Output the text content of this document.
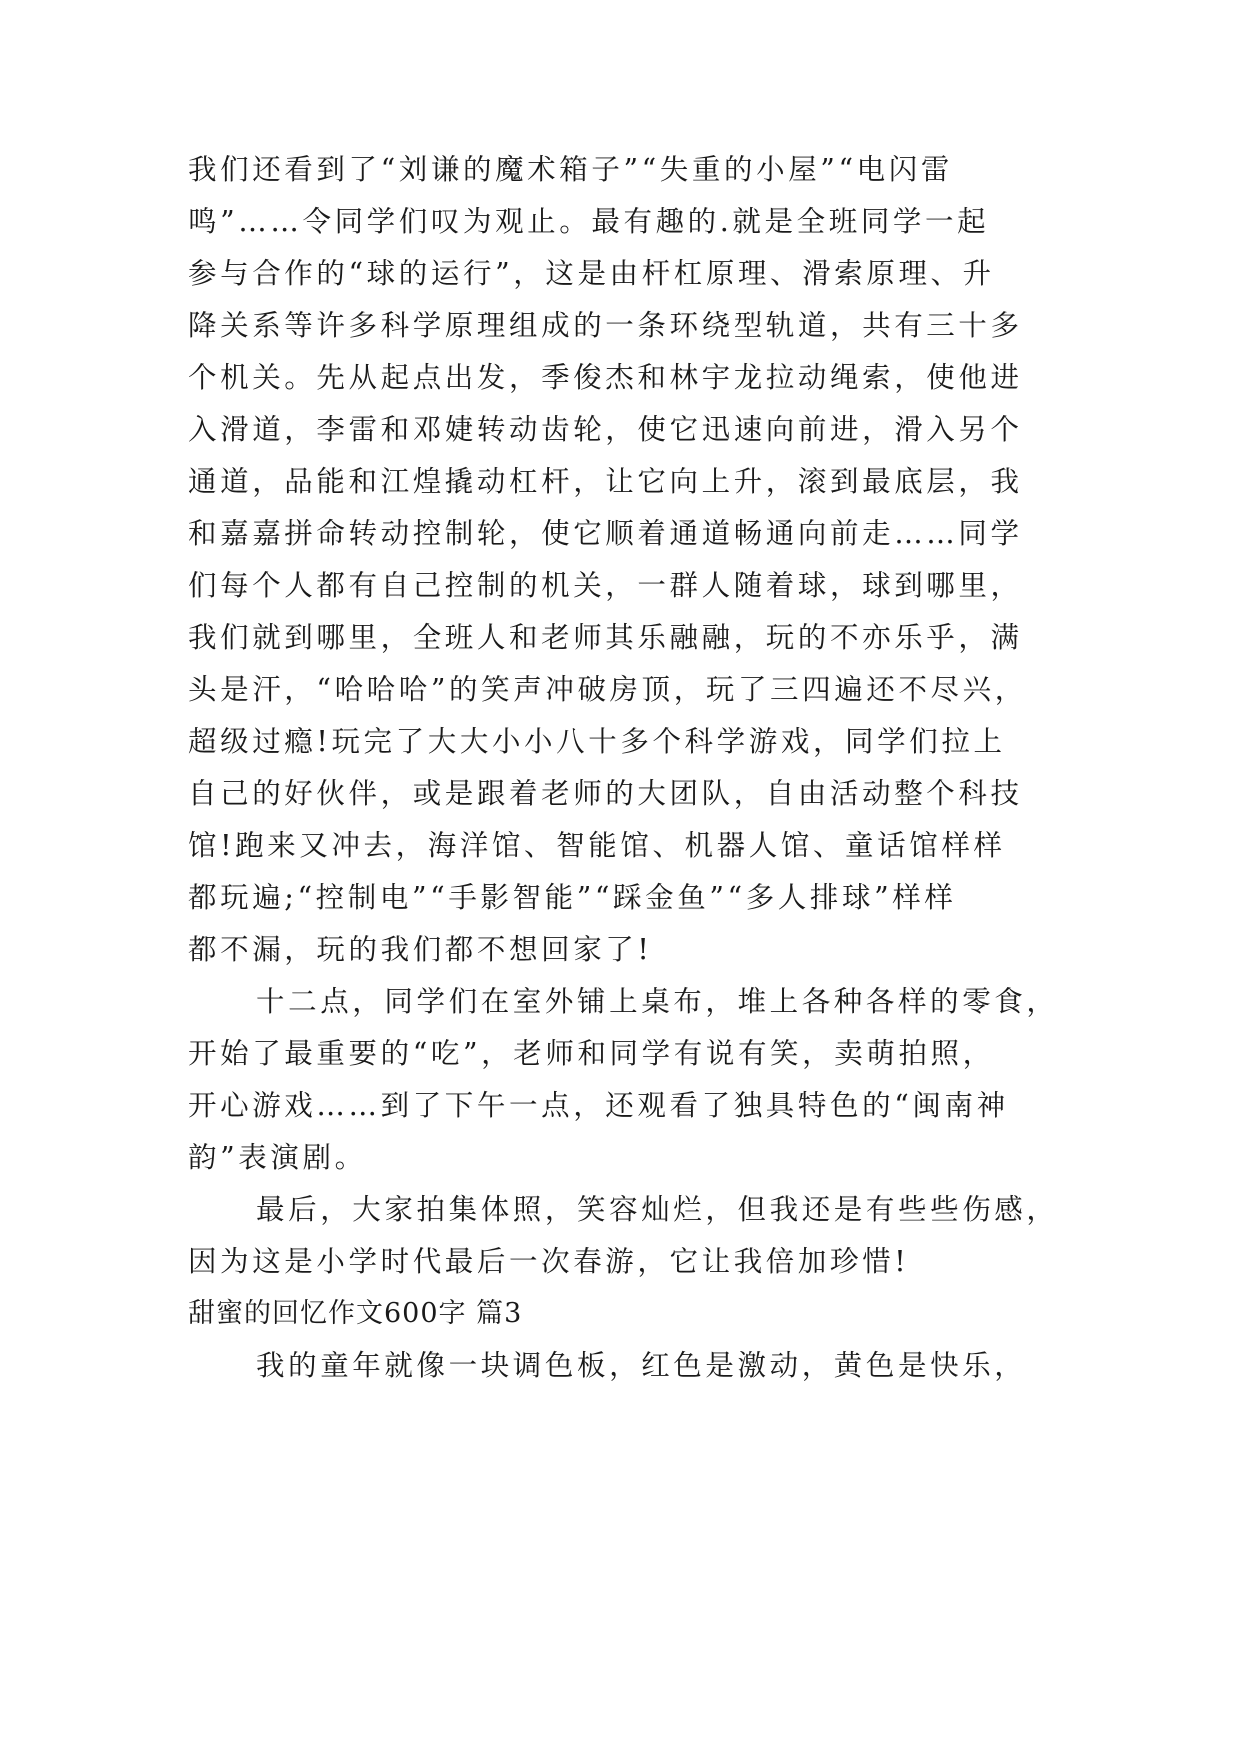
我们还看到了“刘谦的魔术箱子”“失重的小屋”“电闪雷
鸣”……令同学们叹为观止。最有趣的.就是全班同学一起
参与合作的“球的运行”，这是由杆杠原理、滑索原理、升
降关系等许多科学原理组成的一条环绕型轨道，共有三十多
个机关。先从起点出发，季俊杰和林宇龙拉动绳索，使他进
入滑道，李雷和邓婕转动齿轮，使它迅速向前进，滑入另个
通道，品能和江煌撬动杠杆，让它向上升，滚到最底层，我
和嘉嘉拼命转动控制轮，使它顺着通道畅通向前走……同学
们每个人都有自己控制的机关，一群人随着球，球到哪里，
我们就到哪里，全班人和老师其乐融融，玩的不亦乐乎，满
头是汗，“哈哈哈”的笑声冲破房顶，玩了三四遍还不尽兴，
超级过瘾!玩完了大大小小八十多个科学游戏，同学们拉上
自己的好伙伴，或是跟着老师的大团队，自由活动整个科技
馆!跑来又冲去，海洋馆、智能馆、机器人馆、童话馆样样
都玩遍;“控制电”“手影智能”“踩金鱼”“多人排球”样样
都不漏，玩的我们都不想回家了!
十二点，同学们在室外铺上桌布，堆上各种各样的零食，
开始了最重要的“吃”，老师和同学有说有笑，卖萌拍照，
开心游戏……到了下午一点，还观看了独具特色的“闽南神
韵”表演剧。
最后，大家拍集体照，笑容灿烂，但我还是有些些伤感，
因为这是小学时代最后一次春游，它让我倍加珍惜!
甜蜜的回忆作文600字 篇3
我的童年就像一块调色板，红色是激动，黄色是快乐，
